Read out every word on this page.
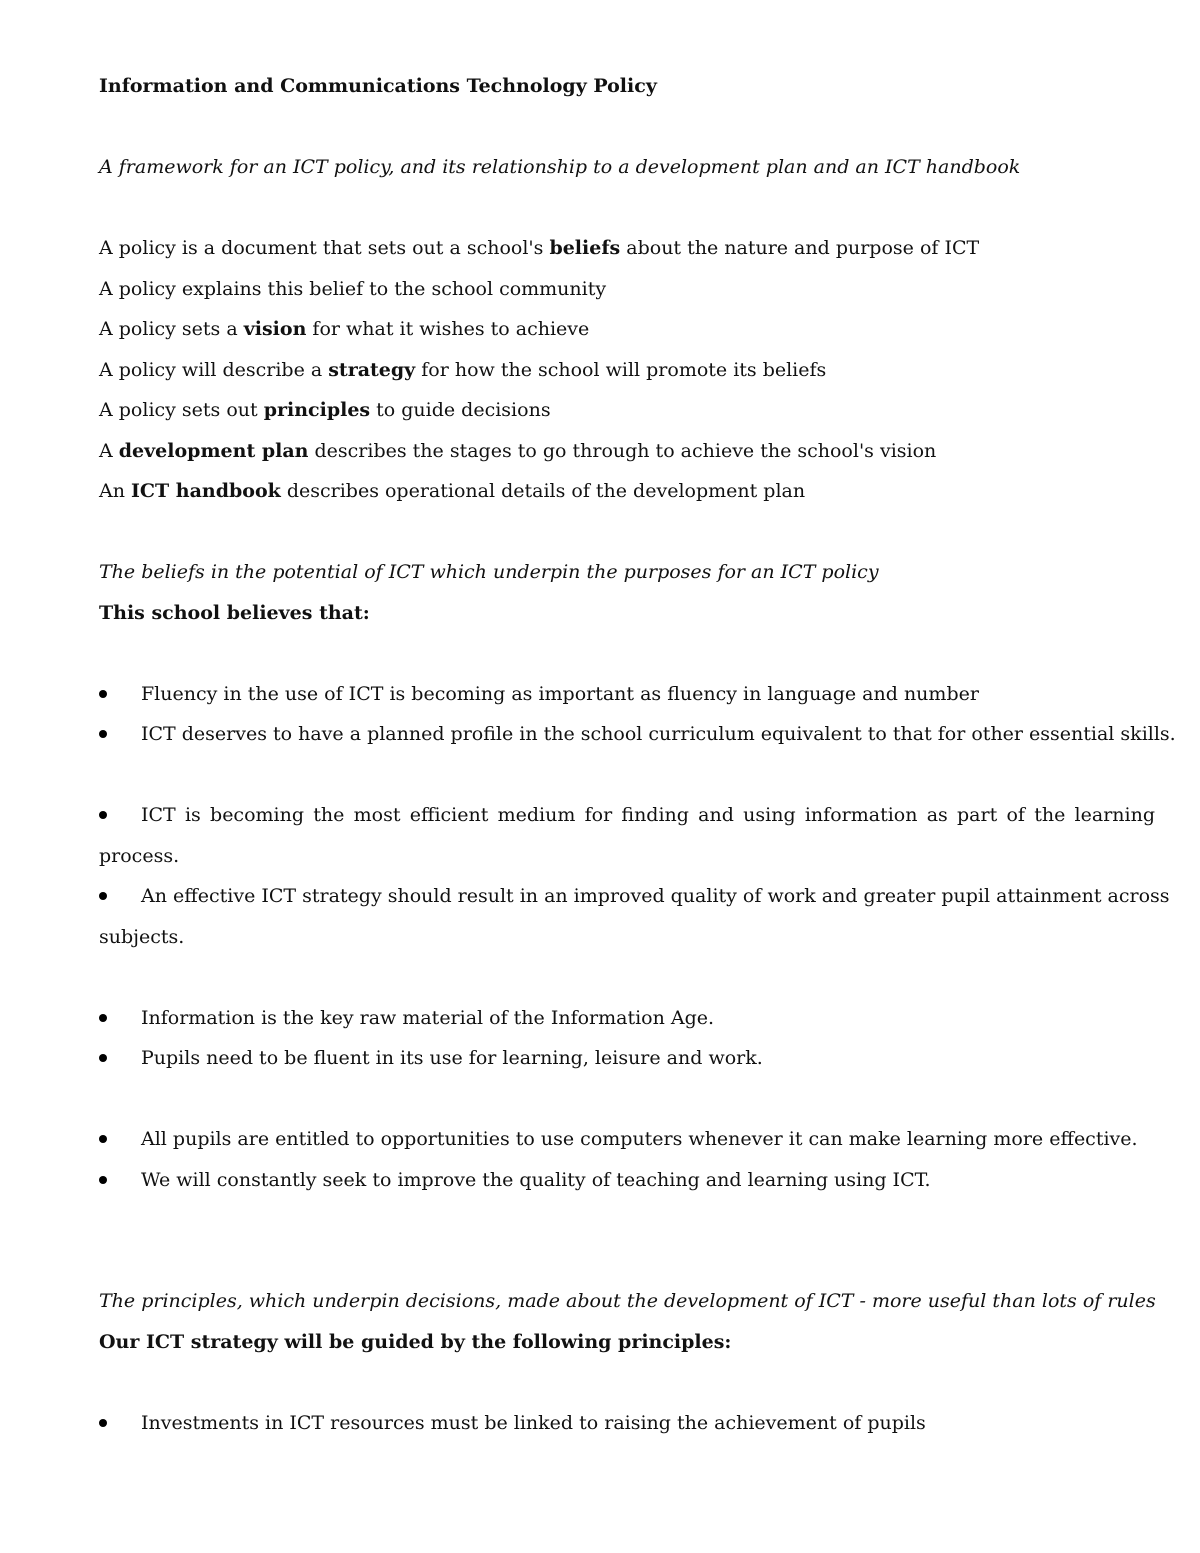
Information and Communications Technology Policy
A framework for an ICT policy, and its relationship to a development plan and an ICT handbook
A policy is a document that sets out a school's beliefs about the nature and purpose of ICT
A policy explains this belief to the school community
A policy sets a vision for what it wishes to achieve
A policy will describe a strategy for how the school will promote its beliefs
A policy sets out principles to guide decisions
A development plan describes the stages to go through to achieve the school's vision
An ICT handbook describes operational details of the development plan
The beliefs in the potential of ICT which underpin the purposes for an ICT policy
This school believes that:
Fluency in the use of ICT is becoming as important as fluency in language and number
ICT deserves to have a planned profile in the school curriculum equivalent to that for other essential skills.
ICT is becoming the most efficient medium for finding and using information as part of the learning
process.
An effective ICT strategy should result in an improved quality of work and greater pupil attainment across
subjects.
Information is the key raw material of the Information Age.
Pupils need to be fluent in its use for learning, leisure and work.
All pupils are entitled to opportunities to use computers whenever it can make learning more effective.
We will constantly seek to improve the quality of teaching and learning using ICT.
The principles, which underpin decisions, made about the development of ICT - more useful than lots of rules
Our ICT strategy will be guided by the following principles:
Investments in ICT resources must be linked to raising the achievement of pupils
